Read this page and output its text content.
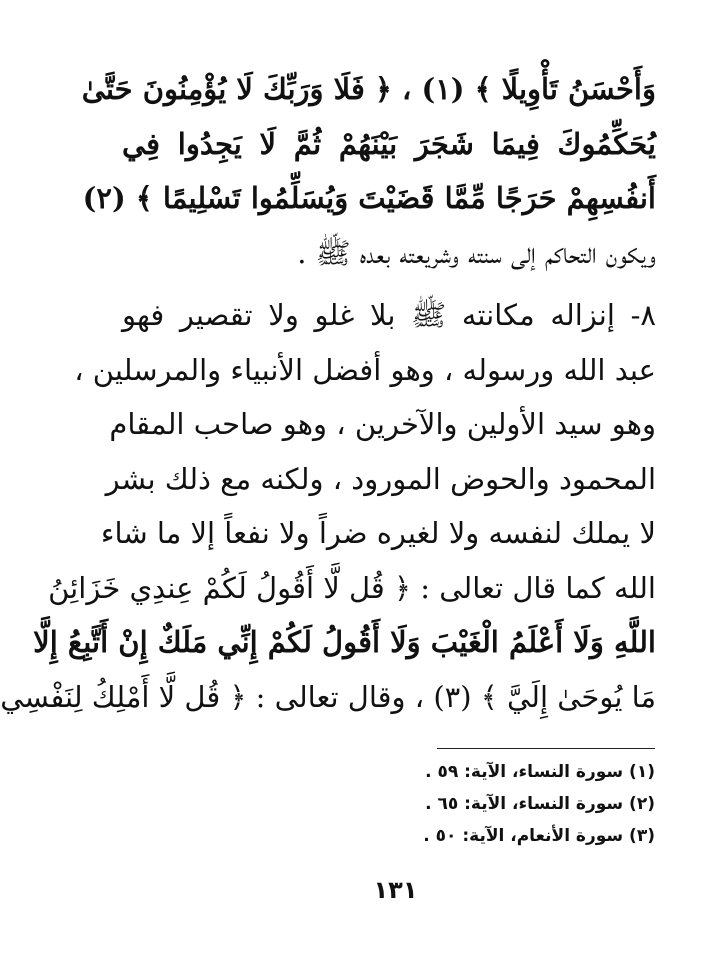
وَأَحْسَنُ تَأْوِيلًا ﴾ (١) ، ﴿ فَلَا وَرَبِّكَ لَا يُؤْمِنُونَ حَتَّىٰ
يُحَكِّمُوكَ فِيمَا شَجَرَ بَيْنَهُمْ ثُمَّ لَا يَجِدُوا فِي
أَنفُسِهِمْ حَرَجًا مِّمَّا قَضَيْتَ وَيُسَلِّمُوا تَسْلِيمًا ﴾ (٢)
ويكون التحاكم إلى سنته وشريعته بعده ﷺ .
٨- إنزاله مكانته ﷺ بلا غلو ولا تقصير فهو
عبد الله ورسوله ، وهو أفضل الأنبياء والمرسلين ،
وهو سيد الأولين والآخرين ، وهو صاحب المقام
المحمود والحوض المورود ، ولكنه مع ذلك بشر
لا يملك لنفسه ولا لغيره ضراً ولا نفعاً إلا ما شاء
الله كما قال تعالى : ﴿ قُل لَّا أَقُولُ لَكُمْ عِندِي خَزَائِنُ
اللَّهِ وَلَا أَعْلَمُ الْغَيْبَ وَلَا أَقُولُ لَكُمْ إِنِّي مَلَكٌ إِنْ أَتَّبِعُ إِلَّا
مَا يُوحَىٰ إِلَيَّ ﴾ (٣) ، وقال تعالى : ﴿ قُل لَّا أَمْلِكُ لِنَفْسِي
(١) سورة النساء، الآية: ٥٩ .
(٢) سورة النساء، الآية: ٦٥ .
(٣) سورة الأنعام، الآية: ٥٠ .
١٣١
